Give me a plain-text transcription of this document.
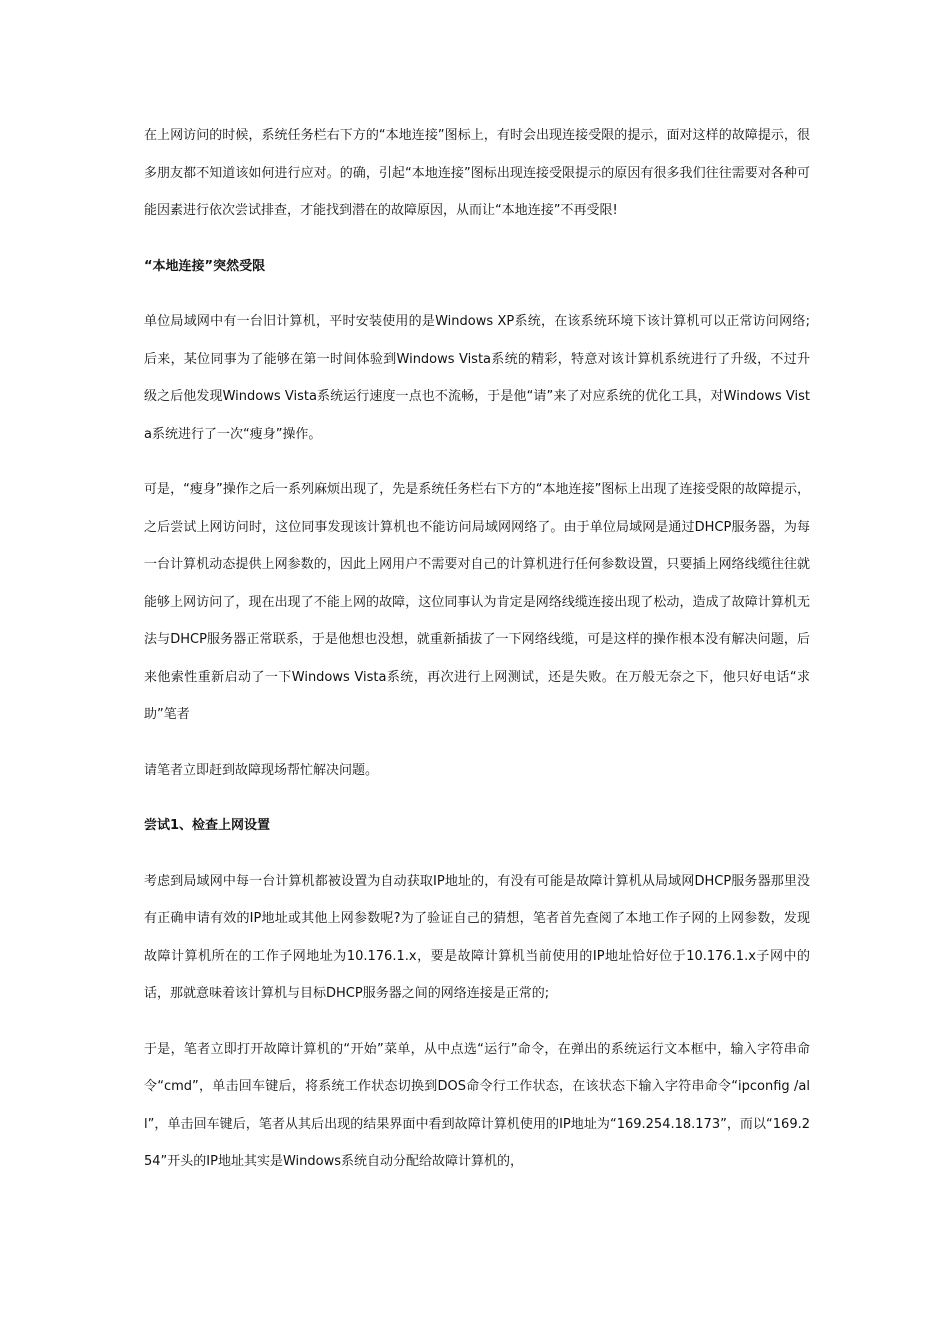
在上网访问的时候，系统任务栏右下方的“本地连接”图标上，有时会出现连接受限的提示，面对这样的故障提示，很多朋友都不知道该如何进行应对。的确，引起“本地连接”图标出现连接受限提示的原因有很多我们往往需要对各种可能因素进行依次尝试排查，才能找到潜在的故障原因，从而让“本地连接”不再受限!

“本地连接”突然受限

单位局域网中有一台旧计算机，平时安装使用的是Windows XP系统，在该系统环境下该计算机可以正常访问网络;后来，某位同事为了能够在第一时间体验到Windows Vista系统的精彩，特意对该计算机系统进行了升级，不过升级之后他发现Windows Vista系统运行速度一点也不流畅，于是他“请”来了对应系统的优化工具，对Windows Vista系统进行了一次“瘦身”操作。

可是，“瘦身”操作之后一系列麻烦出现了，先是系统任务栏右下方的“本地连接”图标上出现了连接受限的故障提示，之后尝试上网访问时，这位同事发现该计算机也不能访问局域网网络了。由于单位局域网是通过DHCP服务器，为每一台计算机动态提供上网参数的，因此上网用户不需要对自己的计算机进行任何参数设置，只要插上网络线缆往往就能够上网访问了，现在出现了不能上网的故障，这位同事认为肯定是网络线缆连接出现了松动，造成了故障计算机无法与DHCP服务器正常联系，于是他想也没想，就重新插拔了一下网络线缆，可是这样的操作根本没有解决问题，后来他索性重新启动了一下Windows Vista系统，再次进行上网测试，还是失败。在万般无奈之下，他只好电话“求助”笔者

请笔者立即赶到故障现场帮忙解决问题。

尝试1、检查上网设置

考虑到局域网中每一台计算机都被设置为自动获取IP地址的，有没有可能是故障计算机从局域网DHCP服务器那里没有正确申请有效的IP地址或其他上网参数呢?为了验证自己的猜想，笔者首先查阅了本地工作子网的上网参数，发现故障计算机所在的工作子网地址为10.176.1.x，要是故障计算机当前使用的IP地址恰好位于10.176.1.x子网中的话，那就意味着该计算机与目标DHCP服务器之间的网络连接是正常的;

于是，笔者立即打开故障计算机的“开始”菜单，从中点选“运行”命令，在弹出的系统运行文本框中，输入字符串命令“cmd”，单击回车键后，将系统工作状态切换到DOS命令行工作状态，在该状态下输入字符串命令“ipconfig /all”，单击回车键后，笔者从其后出现的结果界面中看到故障计算机使用的IP地址为“169.254.18.173”，而以“169.254”开头的IP地址其实是Windows系统自动分配给故障计算机的，
